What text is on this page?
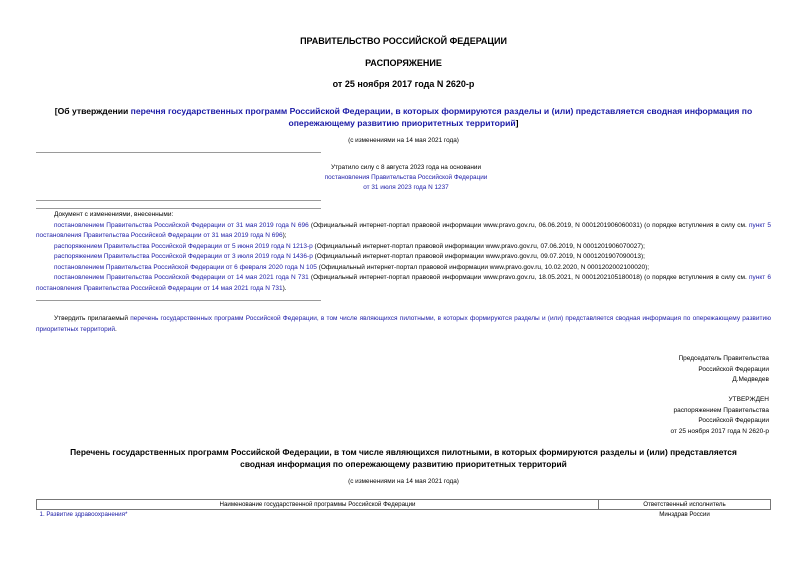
ПРАВИТЕЛЬСТВО РОССИЙСКОЙ ФЕДЕРАЦИИ
РАСПОРЯЖЕНИЕ
от 25 ноября 2017 года N 2620-р
[Об утверждении перечня государственных программ Российской Федерации, в которых формируются разделы и (или) представляется сводная информация по опережающему развитию приоритетных территорий]
(с изменениями на 14 мая 2021 года)
Утратило силу с 8 августа 2023 года на основании
постановления Правительства Российской Федерации
от 31 июля 2023 года N 1237

Документ с изменениями, внесенными:

постановлением Правительства Российской Федерации от 31 мая 2019 года N 696 (Официальный интернет-портал правовой информации www.pravo.gov.ru, 06.06.2019, N 0001201906060031) (о порядке вступления в силу см. пункт 5 постановления Правительства Российской Федерации от 31 мая 2019 года N 696);

распоряжением Правительства Российской Федерации от 5 июня 2019 года N 1213-р (Официальный интернет-портал правовой информации www.pravo.gov.ru, 07.06.2019, N 0001201906070027);

распоряжением Правительства Российской Федерации от 3 июля 2019 года N 1436-р (Официальный интернет-портал правовой информации www.pravo.gov.ru, 09.07.2019, N 0001201907090013);

постановлением Правительства Российской Федерации от 6 февраля 2020 года N 105 (Официальный интернет-портал правовой информации www.pravo.gov.ru, 10.02.2020, N 0001202002100020);

постановлением Правительства Российской Федерации от 14 мая 2021 года N 731 (Официальный интернет-портал правовой информации www.pravo.gov.ru, 18.05.2021, N 0001202105180018) (о порядке вступления в силу см. пункт 6 постановления Правительства Российской Федерации от 14 мая 2021 года N 731).

Утвердить прилагаемый перечень государственных программ Российской Федерации, в том числе являющихся пилотными, в которых формируются разделы и (или) представляется сводная информация по опережающему развитию приоритетных территорий.
Председатель Правительства
Российской Федерации
Д.Медведев
УТВЕРЖДЕН
распоряжением Правительства
Российской Федерации
от 25 ноября 2017 года N 2620-р
Перечень государственных программ Российской Федерации, в том числе являющихся пилотными, в которых формируются разделы и (или) представляется
сводная информация по опережающему развитию приоритетных территорий
(с изменениями на 14 мая 2021 года)
Наименование государственной программы Российской Федерации	Ответственный исполнитель
1. Развитие здравоохранения*	Минздрав России
